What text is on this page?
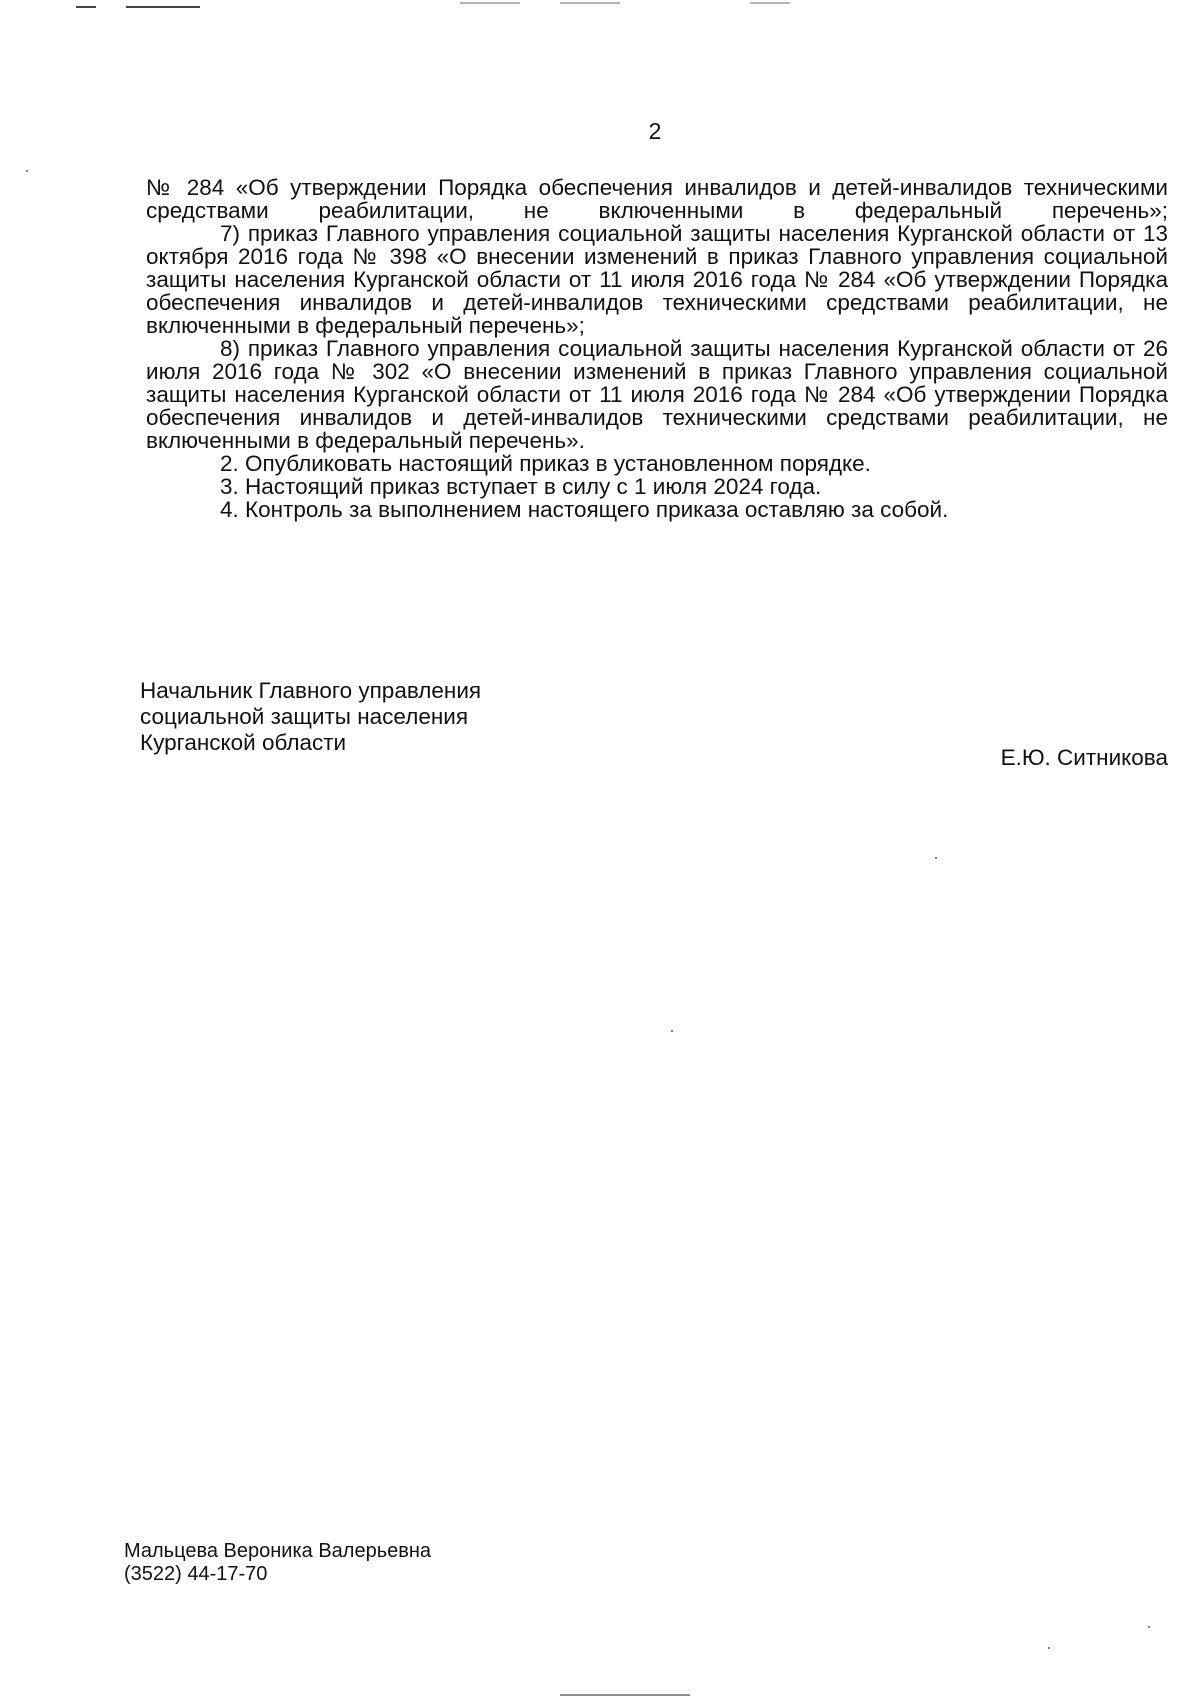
2

№ 284 «Об утверждении Порядка обеспечения инвалидов и детей-инвалидов техническими средствами реабилитации, не включенными в федеральный перечень»;

7) приказ Главного управления социальной защиты населения Курганской области от 13 октября 2016 года № 398 «О внесении изменений в приказ Главного управления социальной защиты населения Курганской области от 11 июля 2016 года № 284 «Об утверждении Порядка обеспечения инвалидов и детей-инвалидов техническими средствами реабилитации, не включенными в федеральный перечень»;

8) приказ Главного управления социальной защиты населения Курганской области от 26 июля 2016 года № 302 «О внесении изменений в приказ Главного управления социальной защиты населения Курганской области от 11 июля 2016 года № 284 «Об утверждении Порядка обеспечения инвалидов и детей-инвалидов техническими средствами реабилитации, не включенными в федеральный перечень».

2. Опубликовать настоящий приказ в установленном порядке.

3. Настоящий приказ вступает в силу с 1 июля 2024 года.

4. Контроль за выполнением настоящего приказа оставляю за собой.

Начальник Главного управления
социальной защиты населения
Курганской области
Е.Ю. Ситникова
Мальцева Вероника Валерьевна
(3522) 44-17-70
